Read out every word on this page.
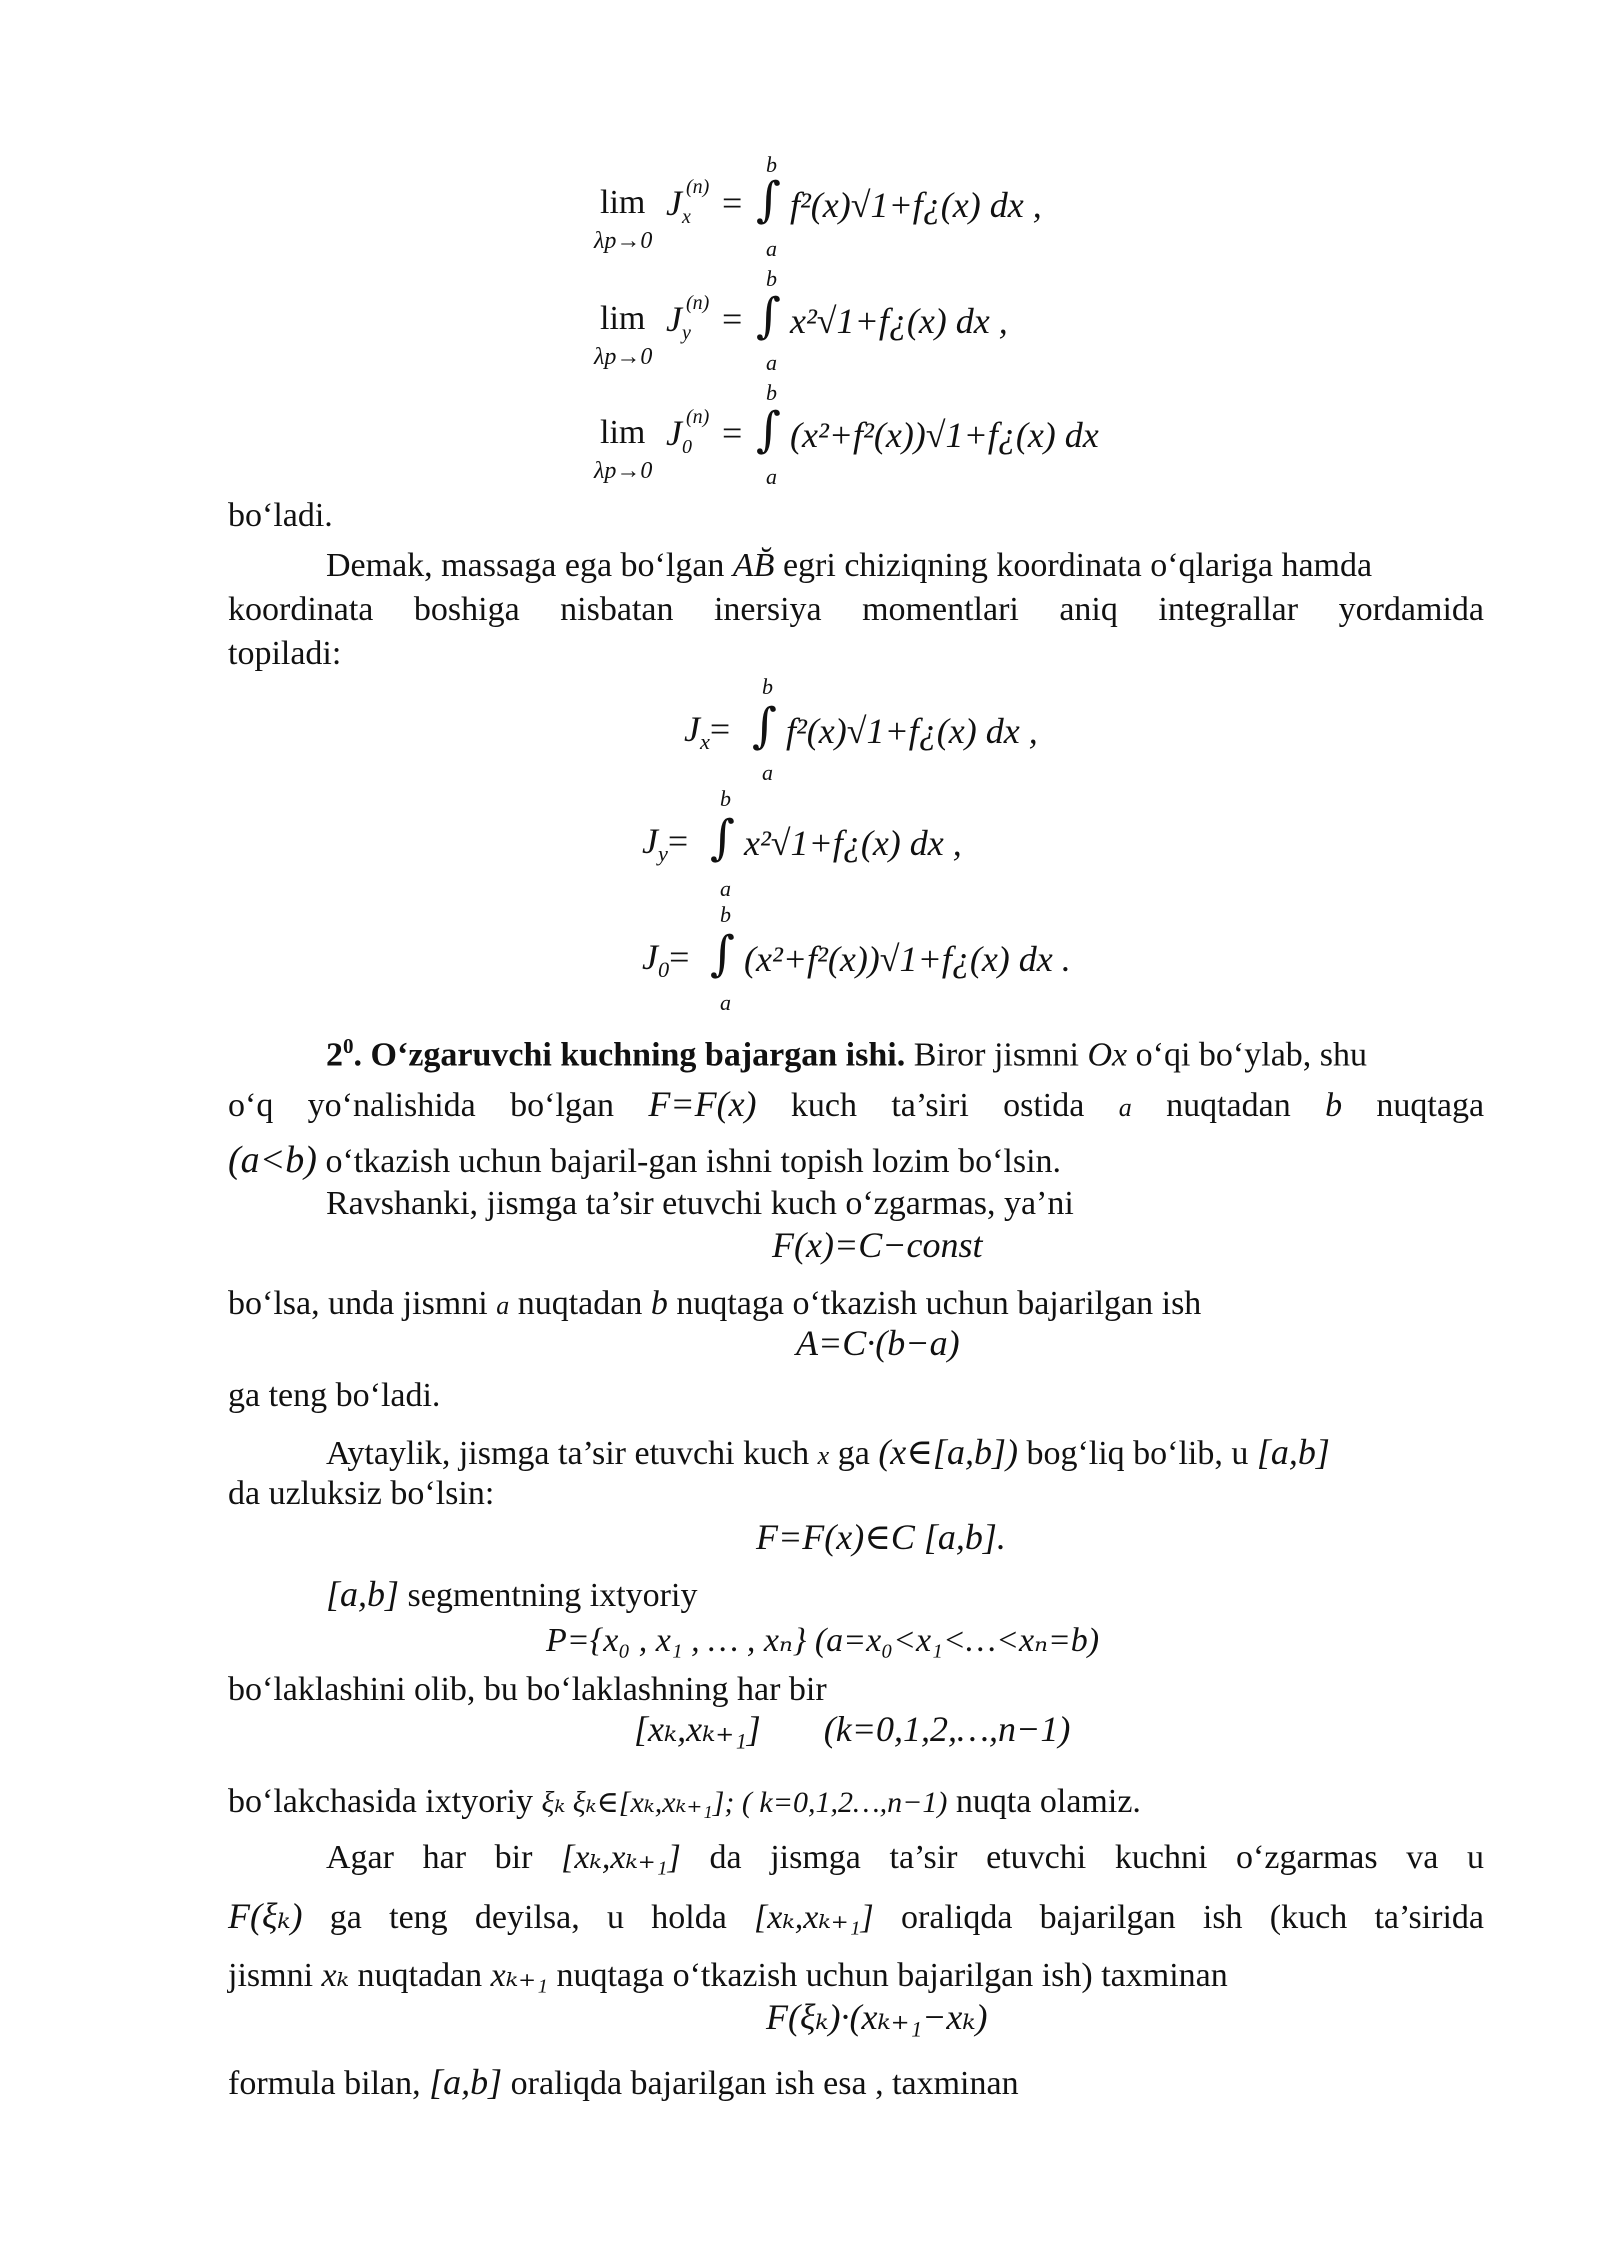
b
$\lim J_x$
(n) = ∫ f²(x)√1+f¿(x) dx ,
λp→0	a
b
$\lim J_y$
(n) = ∫ x²√1+f¿(x) dx ,
λp→0	a
b
$\lim J_0$
(n) = ∫ (x²+f²(x))√1+f¿(x) dx
λp→0	a
bo‘ladi.
Demak, massaga ega bo‘lgan AB̆ egri chiziqning koordinata o‘qlariga hamda
koordinata boshiga nisbatan inersiya momentlari aniq integrallar yordamida
topiladi:
b
$J_x=$ ∫ f²(x)√1+f¿(x) dx ,
a
b
$J_y=$ ∫ x²√1+f¿(x) dx ,
a
b
$J_0=$ ∫ (x²+f²(x))√1+f¿(x) dx .
a
$2^0$. O‘zgaruvchi kuchning bajargan ishi. Biror jismni Ox o‘qi bo‘ylab, shu
o‘q yo‘nalishida bo‘lgan F=F(x) kuch ta’siri ostida a nuqtadan b nuqtaga
(a<b) o‘tkazish uchun bajaril-gan ishni topish lozim bo‘lsin.
Ravshanki, jismga ta’sir etuvchi kuch o‘zgarmas, ya’ni
F(x)=C−const
bo‘lsa, unda jismni a nuqtadan b nuqtaga o‘tkazish uchun bajarilgan ish
A=C·(b−a)
ga teng bo‘ladi.
Aytaylik, jismga ta’sir etuvchi kuch x ga (x∈[a,b]) bog‘liq bo‘lib, u [a,b]
da uzluksiz bo‘lsin:
F=F(x)∈C [a,b].
[a,b] segmentning ixtyoriy
P={x₀ , x₁ , … , xₙ} (a=x₀<x₁<…<xₙ=b)
bo‘laklashini olib, bu bo‘laklashning har bir
[xₖ,xₖ₊₁]       (k=0,1,2,…,n−1)
bo‘lakchasida ixtyoriy ξₖ ξₖ∈[xₖ,xₖ₊₁]; ( k=0,1,2…,n−1) nuqta olamiz.
Agar har bir [xₖ,xₖ₊₁] da jismga ta’sir etuvchi kuchni o‘zgarmas va u
F(ξₖ) ga teng deyilsa, u holda [xₖ,xₖ₊₁] oraliqda bajarilgan ish (kuch ta’sirida
jismni xₖ nuqtadan xₖ₊₁ nuqtaga o‘tkazish uchun bajarilgan ish) taxminan
F(ξₖ)·(xₖ₊₁−xₖ)
formula bilan, [a,b] oraliqda bajarilgan ish esa , taxminan
